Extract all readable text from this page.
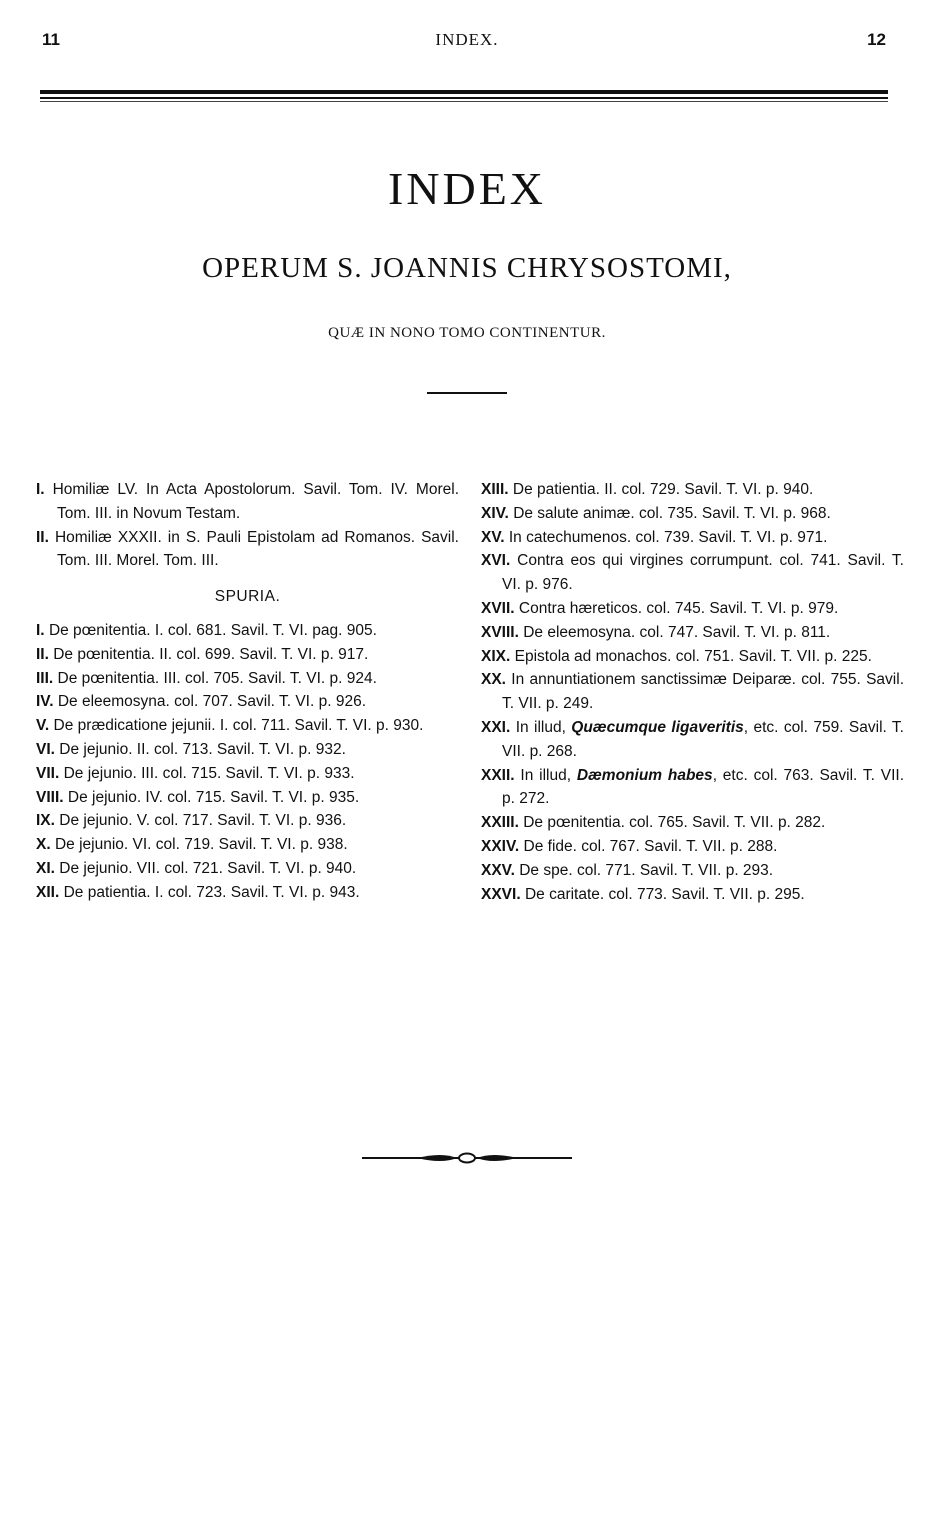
11	INDEX.	12
INDEX
OPERUM S. JOANNIS CHRYSOSTOMI,
QUÆ IN NONO TOMO CONTINENTUR.
I. Homiliæ LV. In Acta Apostolorum. Savil. Tom. IV. Morel. Tom. III. in Novum Testam.
II. Homiliæ XXXII. in S. Pauli Epistolam ad Romanos. Savil. Tom. III. Morel. Tom. III.
SPURIA.
I. De pœnitentia. I. col. 681. Savil. T. VI. pag. 905.
II. De pœnitentia. II. col. 699. Savil. T. VI. p. 917.
III. De pœnitentia. III. col. 705. Savil. T. VI. p. 924.
IV. De eleemosyna. col. 707. Savil. T. VI. p. 926.
V. De prædicatione jejunii. I. col. 711. Savil. T. VI. p. 930.
VI. De jejunio. II. col. 713. Savil. T. VI. p. 932.
VII. De jejunio. III. col. 715. Savil. T. VI. p. 933.
VIII. De jejunio. IV. col. 715. Savil. T. VI. p. 935.
IX. De jejunio. V. col. 717. Savil. T. VI. p. 936.
X. De jejunio. VI. col. 719. Savil. T. VI. p. 938.
XI. De jejunio. VII. col. 721. Savil. T. VI. p. 940.
XII. De patientia. I. col. 723. Savil. T. VI. p. 943.
XIII. De patientia. II. col. 729. Savil. T. VI. p. 940.
XIV. De salute animæ. col. 735. Savil. T. VI. p. 968.
XV. In catechumenos. col. 739. Savil. T. VI. p. 971.
XVI. Contra eos qui virgines corrumpunt. col. 741. Savil. T. VI. p. 976.
XVII. Contra hæreticos. col. 745. Savil. T. VI. p. 979.
XVIII. De eleemosyna. col. 747. Savil. T. VI. p. 811.
XIX. Epistola ad monachos. col. 751. Savil. T. VII. p. 225.
XX. In annuntiationem sanctissimæ Deiparæ. col. 755. Savil. T. VII. p. 249.
XXI. In illud, Quæcumque ligaveritis, etc. col. 759. Savil. T. VII. p. 268.
XXII. In illud, Dæmonium habes, etc. col. 763. Savil. T. VII. p. 272.
XXIII. De pœnitentia. col. 765. Savil. T. VII. p. 282.
XXIV. De fide. col. 767. Savil. T. VII. p. 288.
XXV. De spe. col. 771. Savil. T. VII. p. 293.
XXVI. De caritate. col. 773. Savil. T. VII. p. 295.
